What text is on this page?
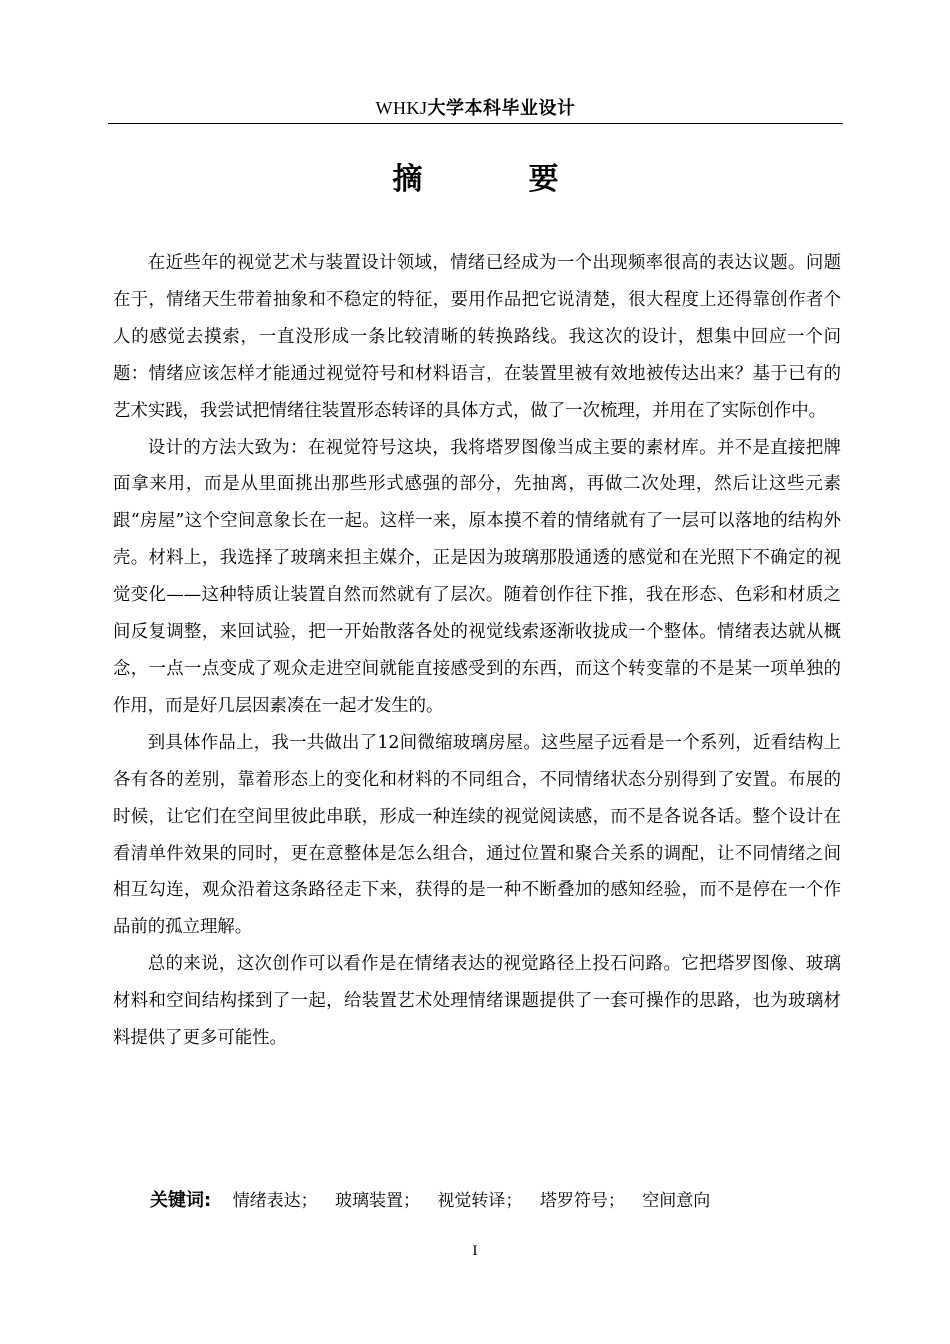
WHKJ大学本科毕业设计
摘　要

在近些年的视觉艺术与装置设计领域，情绪已经成为一个出现频率很高的表达议题。问题在于，情绪天生带着抽象和不稳定的特征，要用作品把它说清楚，很大程度上还得靠创作者个人的感觉去摸索，一直没形成一条比较清晰的转换路线。我这次的设计，想集中回应一个问题：情绪应该怎样才能通过视觉符号和材料语言，在装置里被有效地被传达出来？基于已有的艺术实践，我尝试把情绪往装置形态转译的具体方式，做了一次梳理，并用在了实际创作中。

设计的方法大致为：在视觉符号这块，我将塔罗图像当成主要的素材库。并不是直接把牌面拿来用，而是从里面挑出那些形式感强的部分，先抽离，再做二次处理，然后让这些元素跟“房屋”这个空间意象长在一起。这样一来，原本摸不着的情绪就有了一层可以落地的结构外壳。材料上，我选择了玻璃来担主媒介，正是因为玻璃那股通透的感觉和在光照下不确定的视觉变化——这种特质让装置自然而然就有了层次。随着创作往下推，我在形态、色彩和材质之间反复调整，来回试验，把一开始散落各处的视觉线索逐渐收拢成一个整体。情绪表达就从概念，一点一点变成了观众走进空间就能直接感受到的东西，而这个转变靠的不是某一项单独的作用，而是好几层因素凑在一起才发生的。

到具体作品上，我一共做出了12间微缩玻璃房屋。这些屋子远看是一个系列，近看结构上各有各的差别，靠着形态上的变化和材料的不同组合，不同情绪状态分别得到了安置。布展的时候，让它们在空间里彼此串联，形成一种连续的视觉阅读感，而不是各说各话。整个设计在看清单件效果的同时，更在意整体是怎么组合，通过位置和聚合关系的调配，让不同情绪之间相互勾连，观众沿着这条路径走下来，获得的是一种不断叠加的感知经验，而不是停在一个作品前的孤立理解。

总的来说，这次创作可以看作是在情绪表达的视觉路径上投石问路。它把塔罗图像、玻璃材料和空间结构揉到了一起，给装置艺术处理情绪课题提供了一套可操作的思路，也为玻璃材料提供了更多可能性。

关键词: 情绪表达； 玻璃装置； 视觉转译； 塔罗符号； 空间意向
I
